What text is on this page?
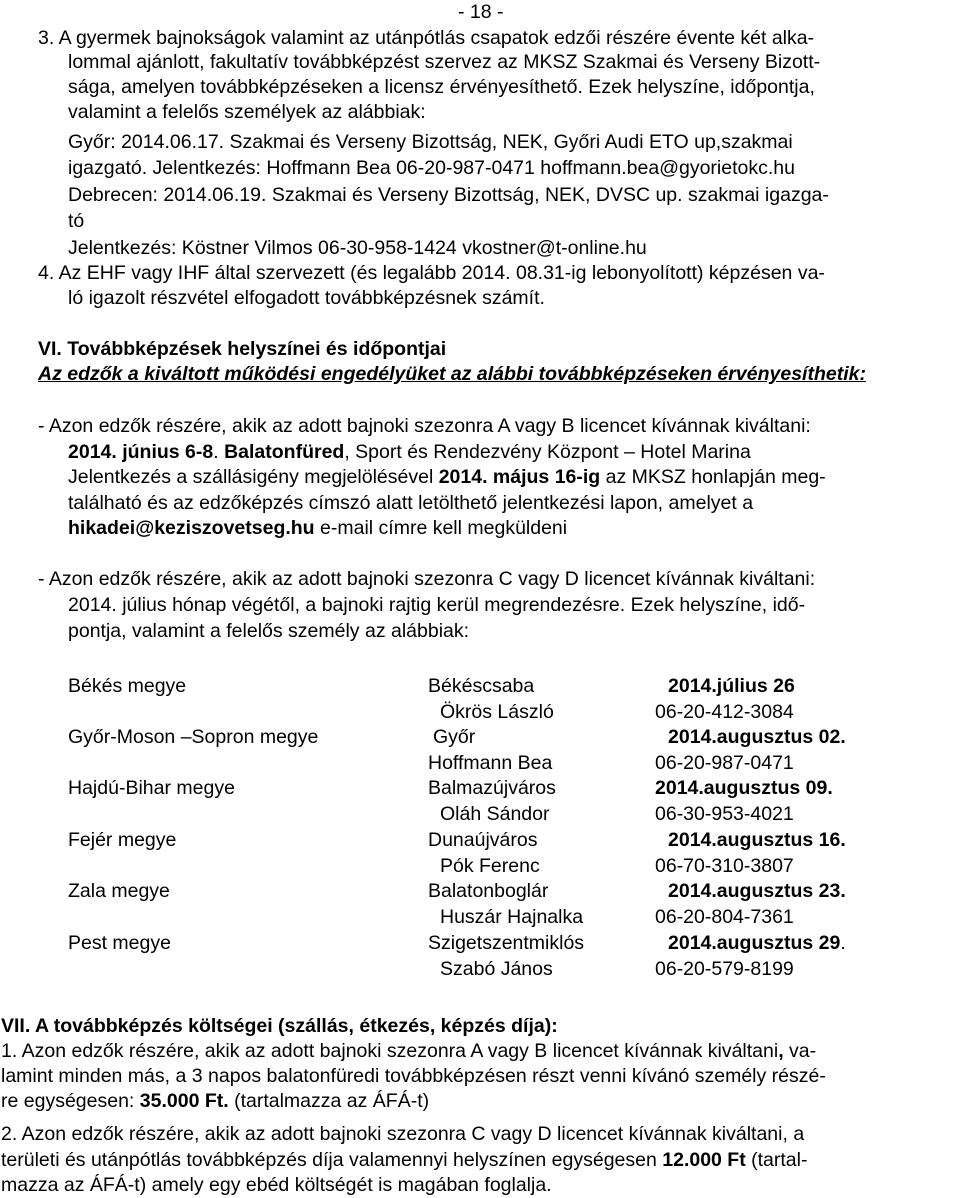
- 18 -
3. A gyermek bajnokságok valamint az utánpótlás csapatok edzői részére évente két alka-
lommal ajánlott, fakultatív továbbképzést szervez az MKSZ Szakmai és Verseny Bizott-
sága, amelyen továbbképzéseken a licensz érvényesíthető. Ezek helyszíne, időpontja,
valamint a felelős személyek az alábbiak:
Győr: 2014.06.17. Szakmai és Verseny Bizottság, NEK, Győri Audi ETO up,szakmai
igazgató. Jelentkezés: Hoffmann Bea 06-20-987-0471 hoffmann.bea@gyorietokc.hu
Debrecen: 2014.06.19. Szakmai és Verseny Bizottság, NEK, DVSC up. szakmai igazga-
tó
Jelentkezés: Köstner Vilmos 06-30-958-1424 vkostner@t-online.hu
4. Az EHF vagy IHF által szervezett (és legalább 2014. 08.31-ig lebonyolított) képzésen va-
ló igazolt részvétel elfogadott továbbképzésnek számít.
VI. Továbbképzések helyszínei és időpontjai
Az edzők a kiváltott működési engedélyüket az alábbi továbbképzéseken érvényesíthetik:
- Azon edzők részére, akik az adott bajnoki szezonra A vagy B licencet kívánnak kiváltani:
2014. június 6-8. Balatonfüred, Sport és Rendezvény Központ – Hotel Marina
Jelentkezés a szállásigény megjelölésével 2014. május 16-ig az MKSZ honlapján meg-
található és az edzőképzés címszó alatt letölthető jelentkezési lapon, amelyet a
hikadei@keziszovetseg.hu e-mail címre kell megküldeni
- Azon edzők részére, akik az adott bajnoki szezonra C vagy D licencet kívánnak kiváltani:
2014. július hónap végétől, a bajnoki rajtig kerül megrendezésre. Ezek helyszíne, idő-
pontja, valamint a felelős személy az alábbiak:
Békés megye	Békéscsaba	2014.július 26
Ökrös László	06-20-412-3084
Győr-Moson –Sopron megye	Győr	2014.augusztus 02.
Hoffmann Bea	06-20-987-0471
Hajdú-Bihar megye	Balmazújváros	2014.augusztus 09.
Oláh Sándor	06-30-953-4021
Fejér megye	Dunaújváros	2014.augusztus 16.
Pók Ferenc	06-70-310-3807
Zala megye	Balatonboglár	2014.augusztus 23.
Huszár Hajnalka	06-20-804-7361
Pest megye	Szigetszentmiklós	2014.augusztus 29.
Szabó János	06-20-579-8199
VII. A továbbképzés költségei (szállás, étkezés, képzés díja):
1. Azon edzők részére, akik az adott bajnoki szezonra A vagy B licencet kívánnak kiváltani, va-
lamint minden más, a 3 napos balatonfüredi továbbképzésen részt venni kívánó személy részé-
re egységesen: 35.000 Ft. (tartalmazza az ÁFÁ-t)
2. Azon edzők részére, akik az adott bajnoki szezonra C vagy D licencet kívánnak kiváltani, a
területi és utánpótlás továbbképzés díja valamennyi helyszínen egységesen 12.000 Ft (tartal-
mazza az ÁFÁ-t) amely egy ebéd költségét is magában foglalja.
